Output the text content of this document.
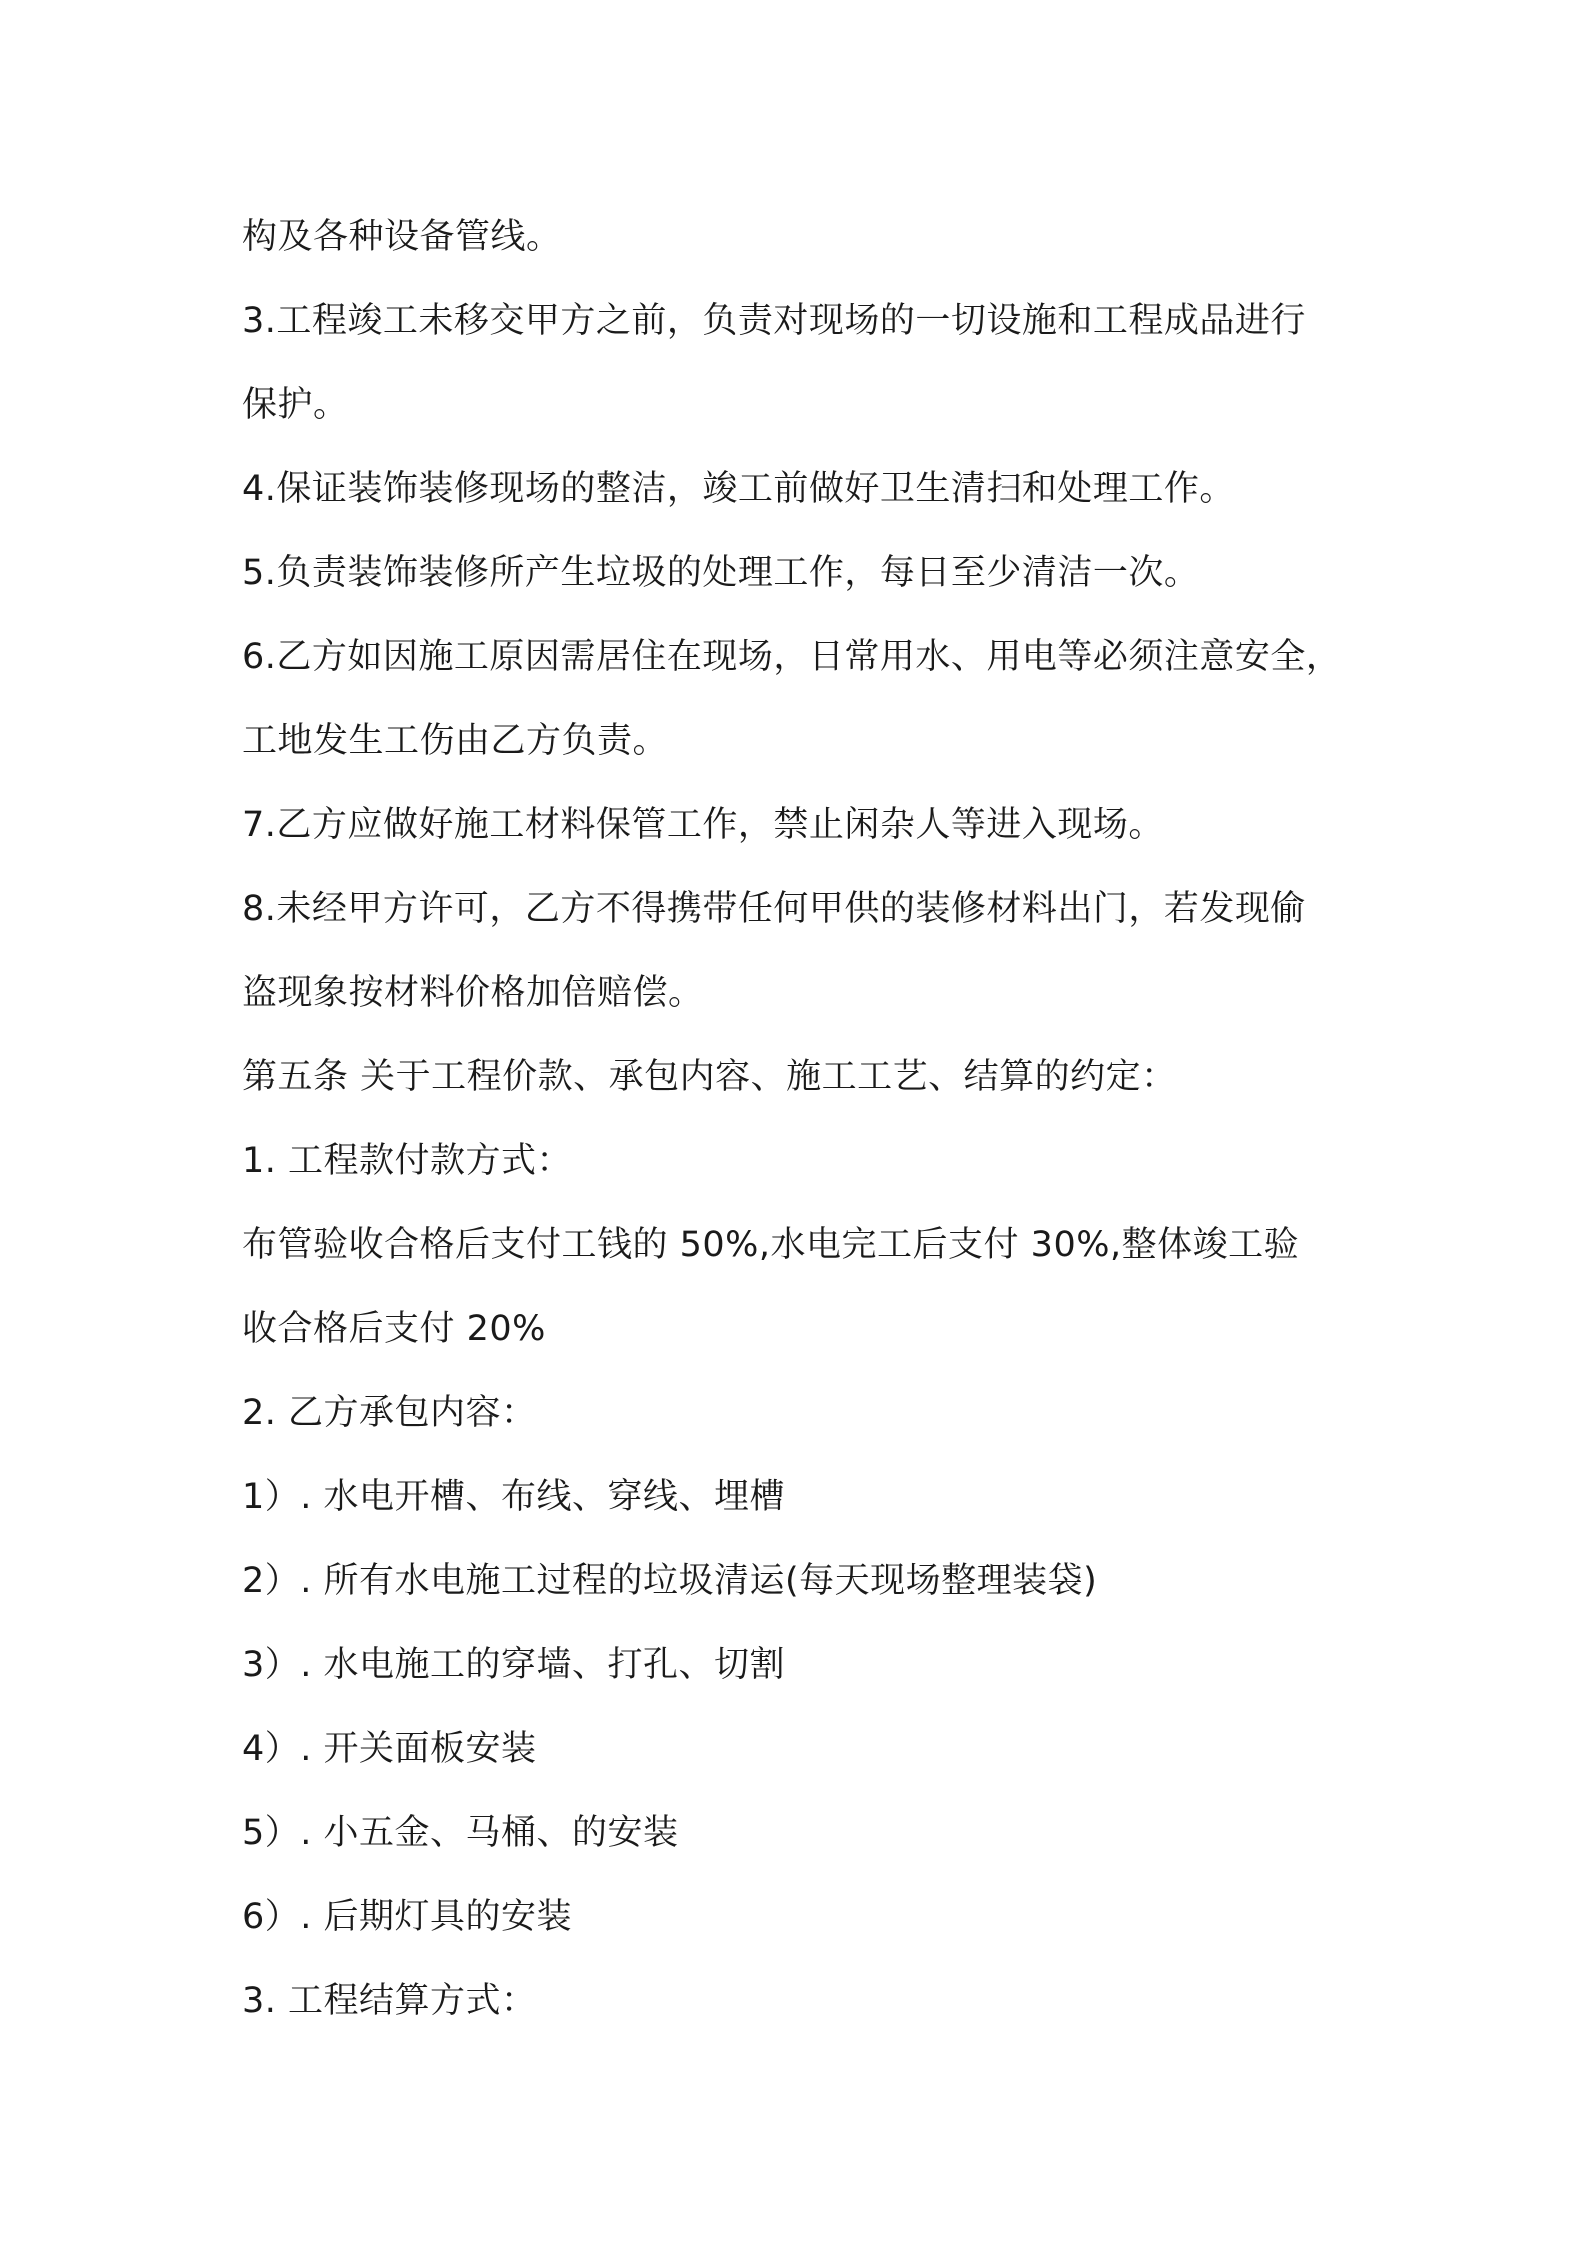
构及各种设备管线。
3.工程竣工未移交甲方之前，负责对现场的一切设施和工程成品进行
保护。
4.保证装饰装修现场的整洁，竣工前做好卫生清扫和处理工作。
5.负责装饰装修所产生垃圾的处理工作，每日至少清洁一次。
6.乙方如因施工原因需居住在现场，日常用水、用电等必须注意安全，
工地发生工伤由乙方负责。
7.乙方应做好施工材料保管工作，禁止闲杂人等进入现场。
8.未经甲方许可，乙方不得携带任何甲供的装修材料出门，若发现偷
盗现象按材料价格加倍赔偿。
第五条 关于工程价款、承包内容、施工工艺、结算的约定：
1. 工程款付款方式：
布管验收合格后支付工钱的 50%,水电完工后支付 30%,整体竣工验
收合格后支付 20%
2. 乙方承包内容：
1）. 水电开槽、布线、穿线、埋槽
2）. 所有水电施工过程的垃圾清运(每天现场整理装袋)
3）. 水电施工的穿墙、打孔、切割
4）. 开关面板安装
5）. 小五金、马桶、的安装
6）. 后期灯具的安装
3. 工程结算方式：
